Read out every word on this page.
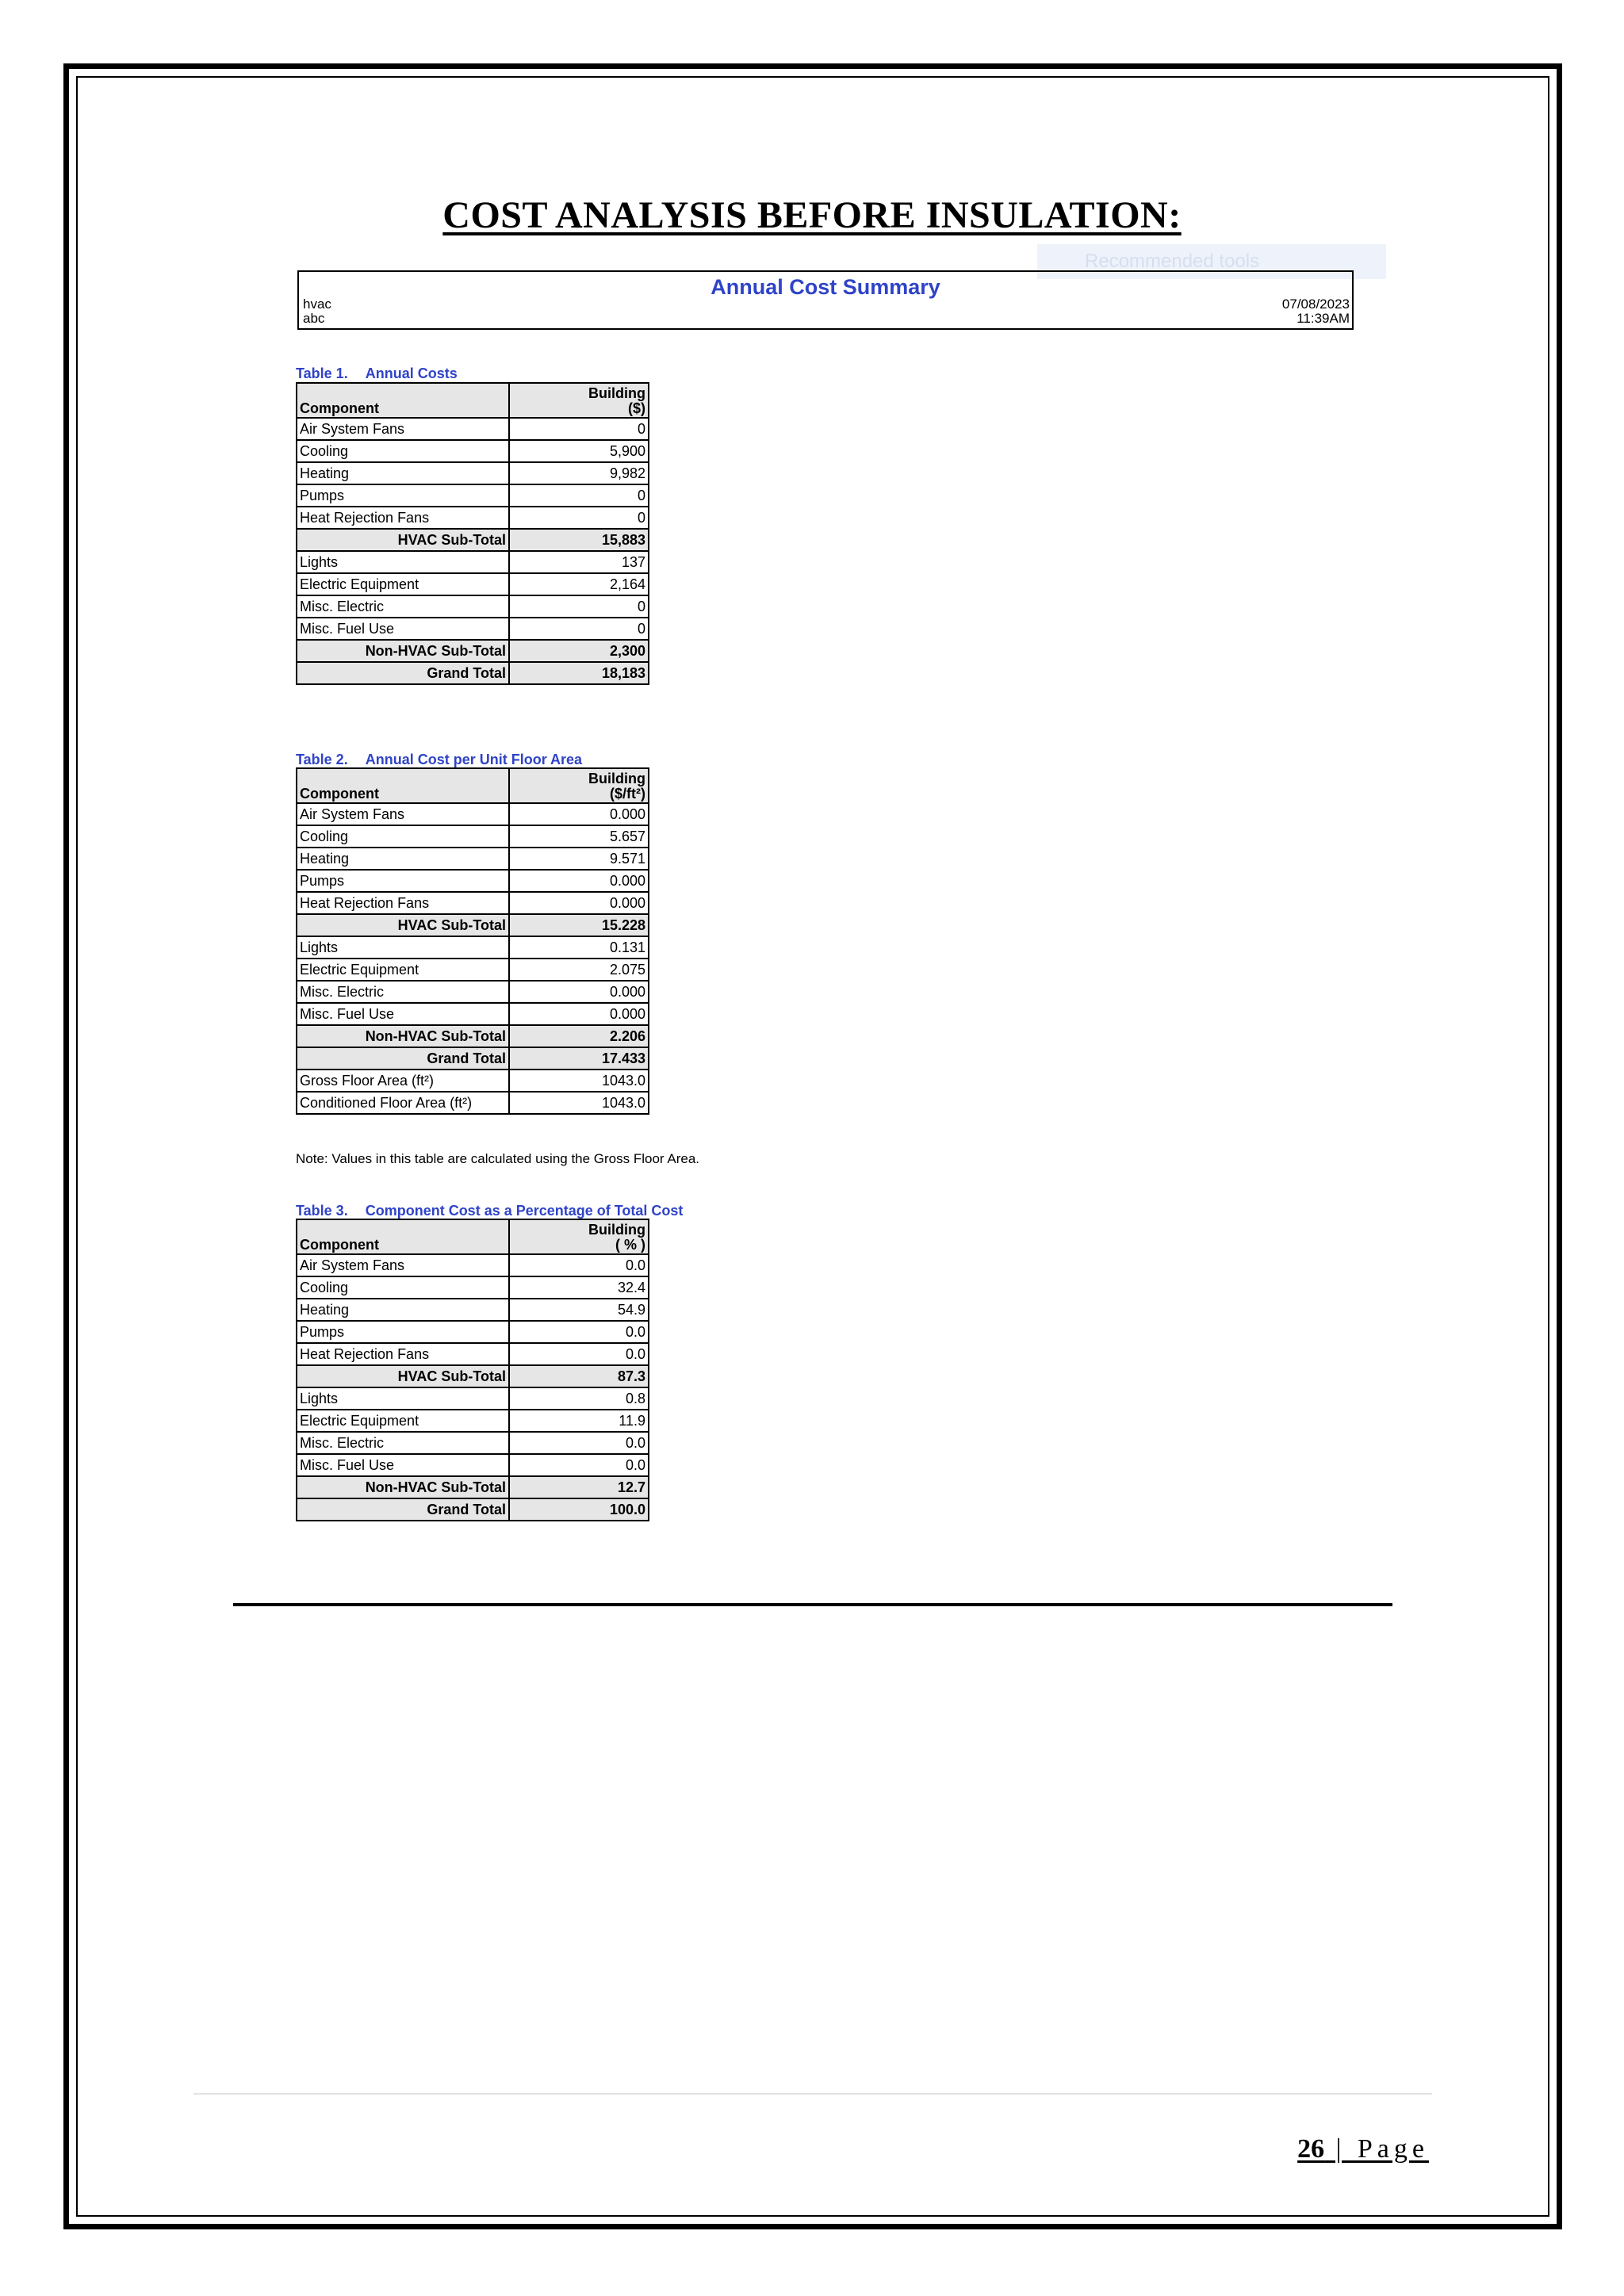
COST ANALYSIS BEFORE INSULATION:
Recommended tools
Annual Cost Summary
hvac
abc
07/08/2023
11:39AM
Table 1. Annual Costs
Component	Building
($)
Air System Fans	0
Cooling	5,900
Heating	9,982
Pumps	0
Heat Rejection Fans	0
HVAC Sub-Total	15,883
Lights	137
Electric Equipment	2,164
Misc. Electric	0
Misc. Fuel Use	0
Non-HVAC Sub-Total	2,300
Grand Total	18,183
Table 2. Annual Cost per Unit Floor Area
Component	Building
($/ft²)
Air System Fans	0.000
Cooling	5.657
Heating	9.571
Pumps	0.000
Heat Rejection Fans	0.000
HVAC Sub-Total	15.228
Lights	0.131
Electric Equipment	2.075
Misc. Electric	0.000
Misc. Fuel Use	0.000
Non-HVAC Sub-Total	2.206
Grand Total	17.433
Gross Floor Area (ft²)	1043.0
Conditioned Floor Area (ft²)	1043.0
Note: Values in this table are calculated using the Gross Floor Area.
Table 3. Component Cost as a Percentage of Total Cost
Component	Building
( % )
Air System Fans	0.0
Cooling	32.4
Heating	54.9
Pumps	0.0
Heat Rejection Fans	0.0
HVAC Sub-Total	87.3
Lights	0.8
Electric Equipment	11.9
Misc. Electric	0.0
Misc. Fuel Use	0.0
Non-HVAC Sub-Total	12.7
Grand Total	100.0
26 | Page
